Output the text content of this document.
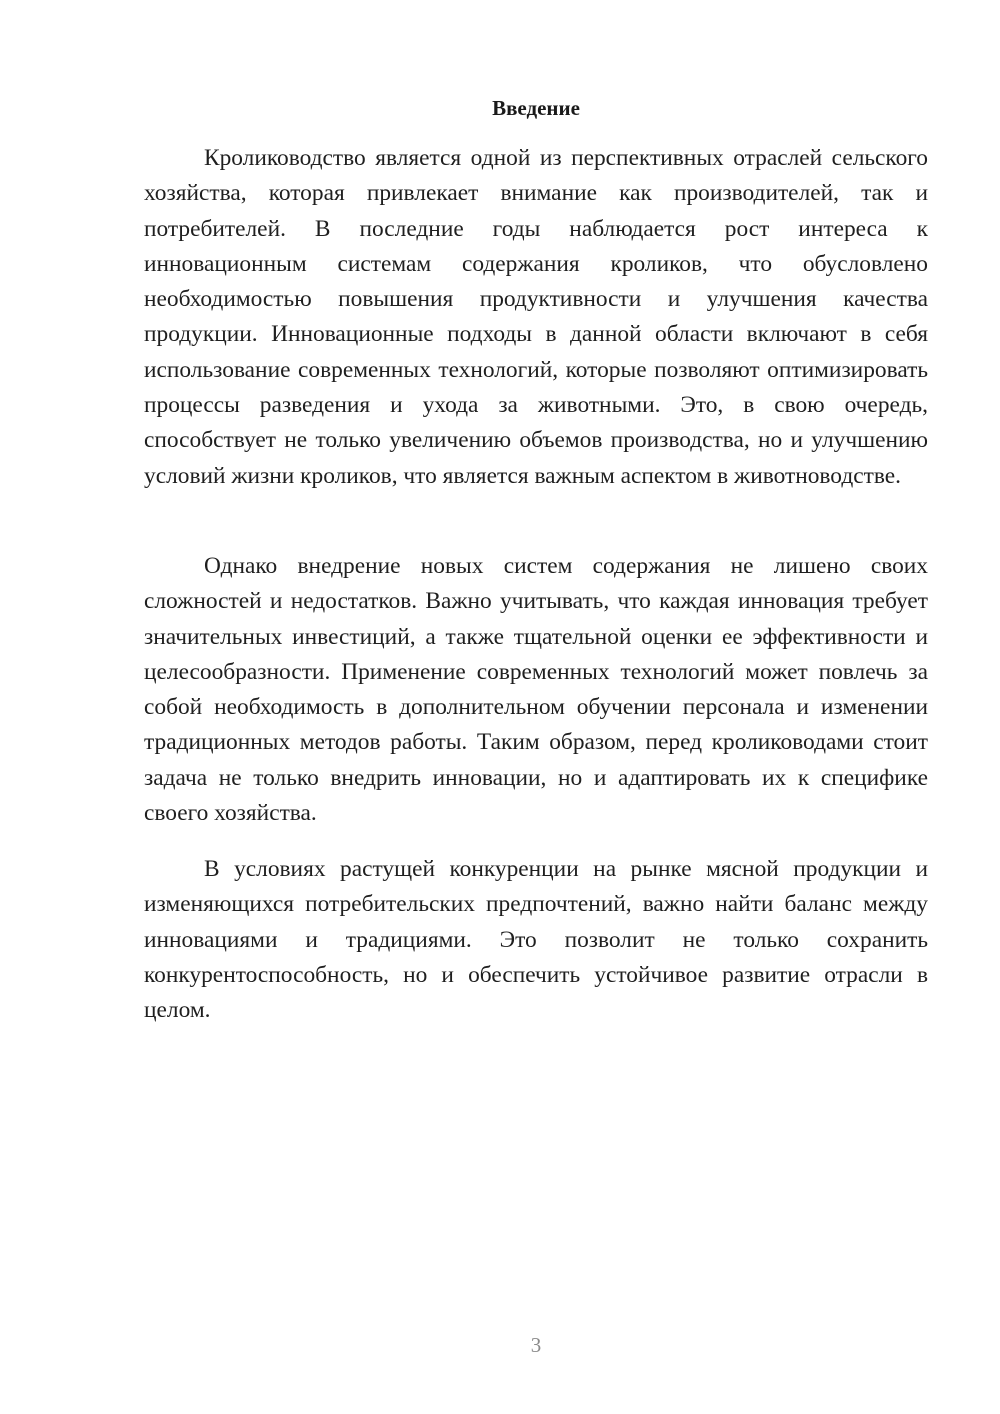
Введение

Кролиководство является одной из перспективных отраслей сельского хозяйства, которая привлекает внимание как производителей, так и потребителей. В последние годы наблюдается рост интереса к инновационным системам содержания кроликов, что обусловлено необходимостью повышения продуктивности и улучшения качества продукции. Инновационные подходы в данной области включают в себя использование современных технологий, которые позволяют оптимизировать процессы разведения и ухода за животными. Это, в свою очередь, способствует не только увеличению объемов производства, но и улучшению условий жизни кроликов, что является важным аспектом в животноводстве.

Однако внедрение новых систем содержания не лишено своих сложностей и недостатков. Важно учитывать, что каждая инновация требует значительных инвестиций, а также тщательной оценки ее эффективности и целесообразности. Применение современных технологий может повлечь за собой необходимость в дополнительном обучении персонала и изменении традиционных методов работы. Таким образом, перед кролиководами стоит задача не только внедрить инновации, но и адаптировать их к специфике своего хозяйства.

В условиях растущей конкуренции на рынке мясной продукции и изменяющихся потребительских предпочтений, важно найти баланс между инновациями и традициями. Это позволит не только сохранить конкурентоспособность, но и обеспечить устойчивое развитие отрасли в целом.

3
